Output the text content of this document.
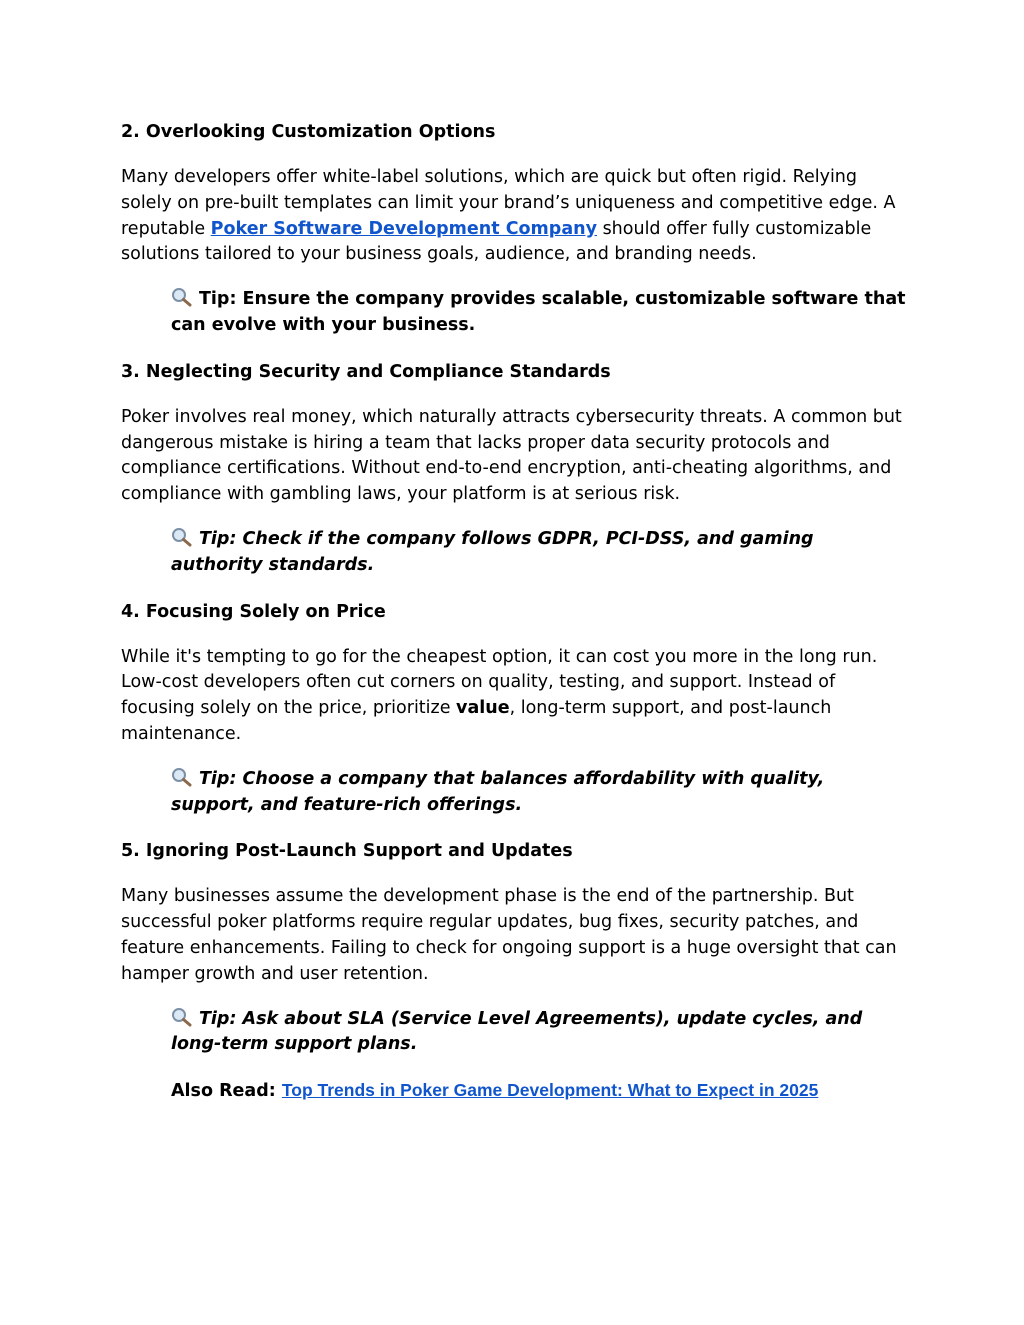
2. Overlooking Customization Options

Many developers offer white-label solutions, which are quick but often rigid. Relying solely on pre-built templates can limit your brand’s uniqueness and competitive edge. A reputable Poker Software Development Company should offer fully customizable solutions tailored to your business goals, audience, and branding needs.

Tip: Ensure the company provides scalable, customizable software that can evolve with your business.
3. Neglecting Security and Compliance Standards

Poker involves real money, which naturally attracts cybersecurity threats. A common but dangerous mistake is hiring a team that lacks proper data security protocols and compliance certifications. Without end-to-end encryption, anti-cheating algorithms, and compliance with gambling laws, your platform is at serious risk.

Tip: Check if the company follows GDPR, PCI-DSS, and gaming authority standards.
4. Focusing Solely on Price

While it's tempting to go for the cheapest option, it can cost you more in the long run. Low-cost developers often cut corners on quality, testing, and support. Instead of focusing solely on the price, prioritize value, long-term support, and post-launch maintenance.

Tip: Choose a company that balances affordability with quality, support, and feature-rich offerings.
5. Ignoring Post-Launch Support and Updates

Many businesses assume the development phase is the end of the partnership. But successful poker platforms require regular updates, bug fixes, security patches, and feature enhancements. Failing to check for ongoing support is a huge oversight that can hamper growth and user retention.

Tip: Ask about SLA (Service Level Agreements), update cycles, and long-term support plans.
Also Read: Top Trends in Poker Game Development: What to Expect in 2025
